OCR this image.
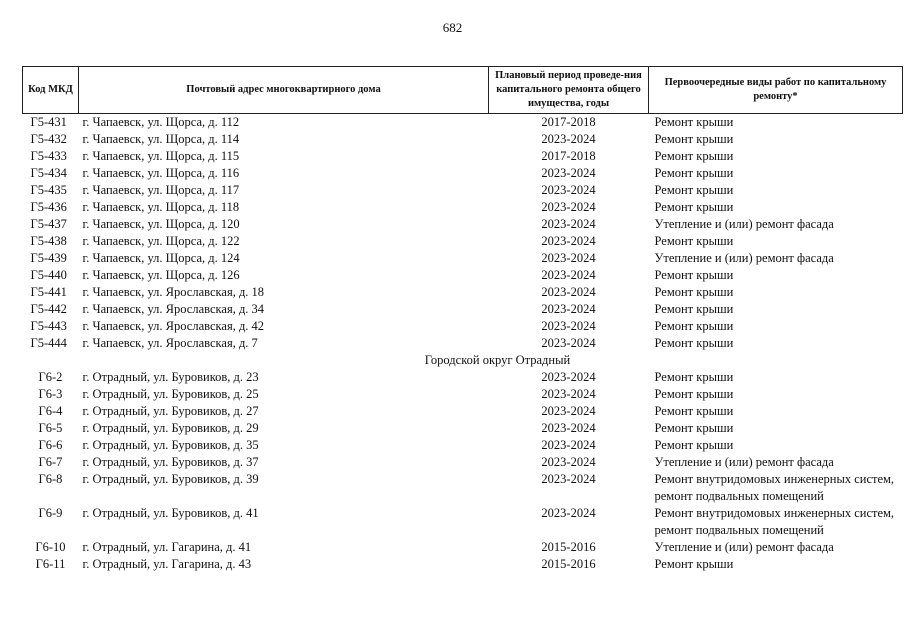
682
Код МКД	Почтовый адрес многоквартирного дома	Плановый период проведе-ния капитального ремонта общего имущества, годы	Первоочередные виды работ по капитальному ремонту*
Г5-431	г. Чапаевск, ул. Щорса, д. 112	2017-2018	Ремонт крыши
Г5-432	г. Чапаевск, ул. Щорса, д. 114	2023-2024	Ремонт крыши
Г5-433	г. Чапаевск, ул. Щорса, д. 115	2017-2018	Ремонт крыши
Г5-434	г. Чапаевск, ул. Щорса, д. 116	2023-2024	Ремонт крыши
Г5-435	г. Чапаевск, ул. Щорса, д. 117	2023-2024	Ремонт крыши
Г5-436	г. Чапаевск, ул. Щорса, д. 118	2023-2024	Ремонт крыши
Г5-437	г. Чапаевск, ул. Щорса, д. 120	2023-2024	Утепление и (или) ремонт фасада
Г5-438	г. Чапаевск, ул. Щорса, д. 122	2023-2024	Ремонт крыши
Г5-439	г. Чапаевск, ул. Щорса, д. 124	2023-2024	Утепление и (или) ремонт фасада
Г5-440	г. Чапаевск, ул. Щорса, д. 126	2023-2024	Ремонт крыши
Г5-441	г. Чапаевск, ул. Ярославская, д. 18	2023-2024	Ремонт крыши
Г5-442	г. Чапаевск, ул. Ярославская, д. 34	2023-2024	Ремонт крыши
Г5-443	г. Чапаевск, ул. Ярославская, д. 42	2023-2024	Ремонт крыши
Г5-444	г. Чапаевск, ул. Ярославская, д. 7	2023-2024	Ремонт крыши
Городской округ Отрадный			
Г6-2	г. Отрадный, ул. Буровиков, д. 23	2023-2024	Ремонт крыши
Г6-3	г. Отрадный, ул. Буровиков, д. 25	2023-2024	Ремонт крыши
Г6-4	г. Отрадный, ул. Буровиков, д. 27	2023-2024	Ремонт крыши
Г6-5	г. Отрадный, ул. Буровиков, д. 29	2023-2024	Ремонт крыши
Г6-6	г. Отрадный, ул. Буровиков, д. 35	2023-2024	Ремонт крыши
Г6-7	г. Отрадный, ул. Буровиков, д. 37	2023-2024	Утепление и (или) ремонт фасада
Г6-8	г. Отрадный, ул. Буровиков, д. 39	2023-2024	Ремонт внутридомовых инженерных систем, ремонт подвальных помещений
Г6-9	г. Отрадный, ул. Буровиков, д. 41	2023-2024	Ремонт внутридомовых инженерных систем, ремонт подвальных помещений
Г6-10	г. Отрадный, ул. Гагарина, д. 41	2015-2016	Утепление и (или) ремонт фасада
Г6-11	г. Отрадный, ул. Гагарина, д. 43	2015-2016	Ремонт крыши
